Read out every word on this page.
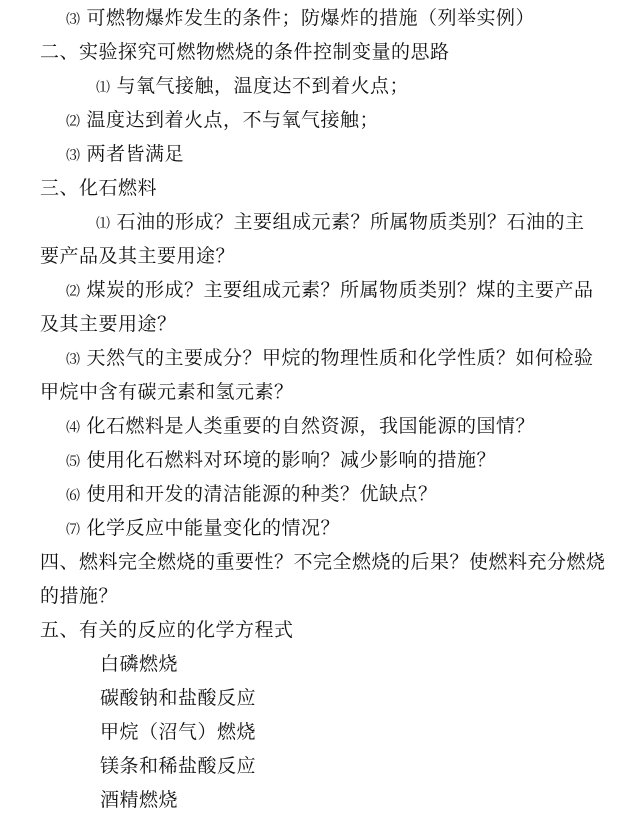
⑶ 可燃物爆炸发生的条件；防爆炸的措施（列举实例）
二、实验探究可燃物燃烧的条件控制变量的思路
⑴ 与氧气接触，温度达不到着火点；
⑵ 温度达到着火点，不与氧气接触；
⑶ 两者皆满足
三、化石燃料
⑴ 石油的形成？主要组成元素？所属物质类别？石油的主
要产品及其主要用途？
⑵ 煤炭的形成？主要组成元素？所属物质类别？煤的主要产品
及其主要用途？
⑶ 天然气的主要成分？甲烷的物理性质和化学性质？如何检验
甲烷中含有碳元素和氢元素？
⑷ 化石燃料是人类重要的自然资源，我国能源的国情？
⑸ 使用化石燃料对环境的影响？减少影响的措施？
⑹ 使用和开发的清洁能源的种类？优缺点？
⑺ 化学反应中能量变化的情况？
四、燃料完全燃烧的重要性？不完全燃烧的后果？使燃料充分燃烧
的措施？
五、有关的反应的化学方程式
白磷燃烧
碳酸钠和盐酸反应
甲烷（沼气）燃烧
镁条和稀盐酸反应
酒精燃烧
